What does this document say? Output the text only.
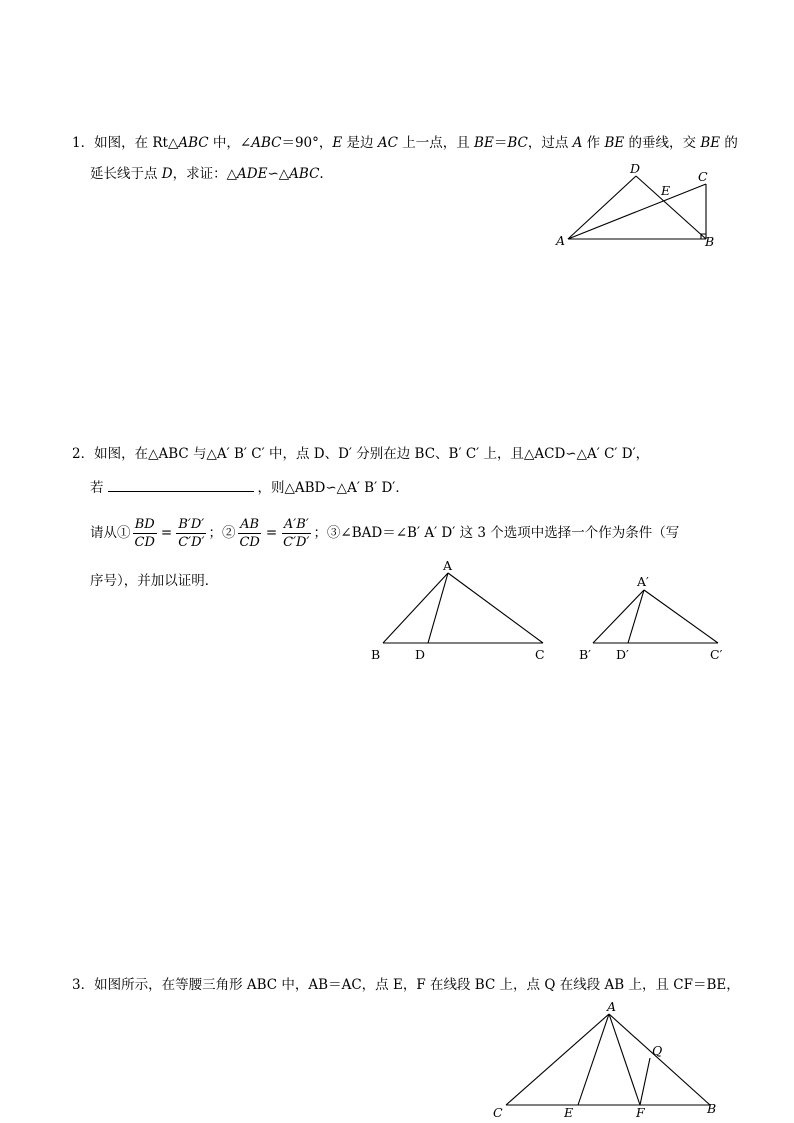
1．如图，在 Rt△ABC 中，∠ABC＝90°，E 是边 AC 上一点，且 BE＝BC，过点 A 作 BE 的垂线，交 BE 的
延长线于点 D，求证：△ADE∽△ABC.
A	B
C
D
E
2．如图，在△ABC 与△A′ B′ C′ 中，点 D、D′ 分别在边 BC、B′ C′ 上，且△ACD∽△A′ C′ D′，
若	，则△ABD∽△A′ B′ D′．
请从① $\frac{BD}{CD} = \frac{B'D'}{C'D'}$ ；② $\frac{AB}{CD} = \frac{A'B'}{C'D'}$ ；③∠BAD＝∠B′ A′ D′ 这 3 个选项中选择一个作为条件（写
序号），并加以证明．
A
B	D	C
A′
B′ D′	C′
3．如图所示，在等腰三角形 ABC 中，AB＝AC，点 E，F 在线段 BC 上，点 Q 在线段 AB 上，且 CF＝BE，
A
C	E	F	B
Q
